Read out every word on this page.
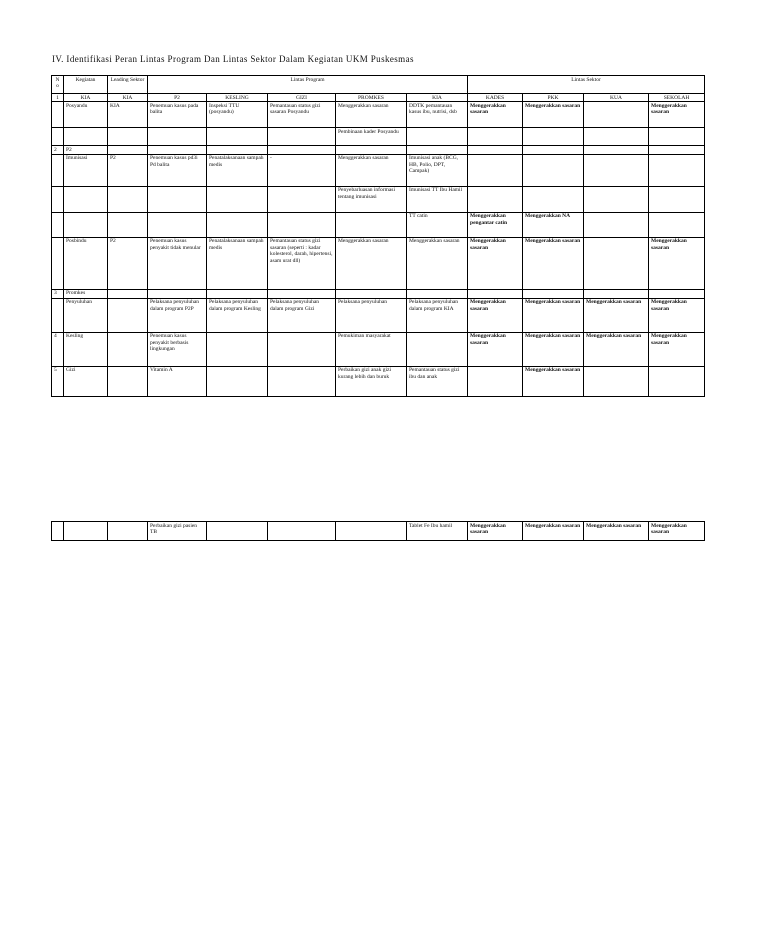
IV. Identifikasi Peran Lintas Program Dan Lintas Sektor Dalam Kegiatan UKM Puskesmas
N o	Kegiatan	Leading Sektor	Lintas Program					Lintas Sektor			
1	KIA	KIA	P2	KESLING	GIZI	PROMKES	KIA	KADES	PKK	KUA	SEKOLAH
	Posyandu	KIA	Penemuan kasus pada balita	Inspeksi TTU (posyandu)	Pemantauan status gizi sasaran Posyandu	Menggerakkan sasaran	DDTK pemantauan kasus ibu, nutrisi, dsb	Menggerakkan sasaran	Menggerakkan sasaran		Menggerakkan sasaran
						Pembinaan kader Posyandu					
2	P2										
	Imunisasi	P2	Penemuan kasus pd3i Pd balita	Penatalaksanaan sampah medis	-	Menggerakkan sasaran	Imunisasi anak (BCG, HB, Polio, DPT, Campak)				
						Penyebarluasan informasi tentang imunisasi	Imunisasi TT Ibu Hamil				
							TT catin	Menggerakkan pengantar catin	Menggerakkan NA		
	Posbindu	P2	Penemuan kasus penyakit tidak menular	Penatalaksanaan sampah medis	Pemantauan status gizi sasaran (seperti : kadar kolesterol, darah, hipertensi, asam urat dll)	Menggerakkan sasaran	Menggerakkan sasaran	Menggerakkan sasaran	Menggerakkan sasaran		Menggerakkan sasaran
3	Promkes										
	Penyuluhan		Pelaksana penyuluhan dalam program P2P	Pelaksana penyuluhan dalam program Kesling	Pelaksana penyuluhan dalam program Gizi	Pelaksana penyuluhan	Pelaksana penyuluhan dalam program KIA	Menggerakkan sasaran	Menggerakkan sasaran	Menggerakkan sasaran	Menggerakkan sasaran
4	Kesling		Penemuan kasus penyakit berbasis lingkungan			Pemukiman masyarakat		Menggerakkan sasaran	Menggerakkan sasaran	Menggerakkan sasaran	Menggerakkan sasaran
5	Gizi		Vitamin A			Perbaikan gizi anak gizi kurang lebih dan buruk	Pemantauan status gizi ibu dan anak		Menggerakkan sasaran		
			Perbaikan gizi pasien TB				Tablet Fe Ibu hamil	Menggerakkan sasaran	Menggerakkan sasaran	Menggerakkan sasaran	Menggerakkan sasaran
